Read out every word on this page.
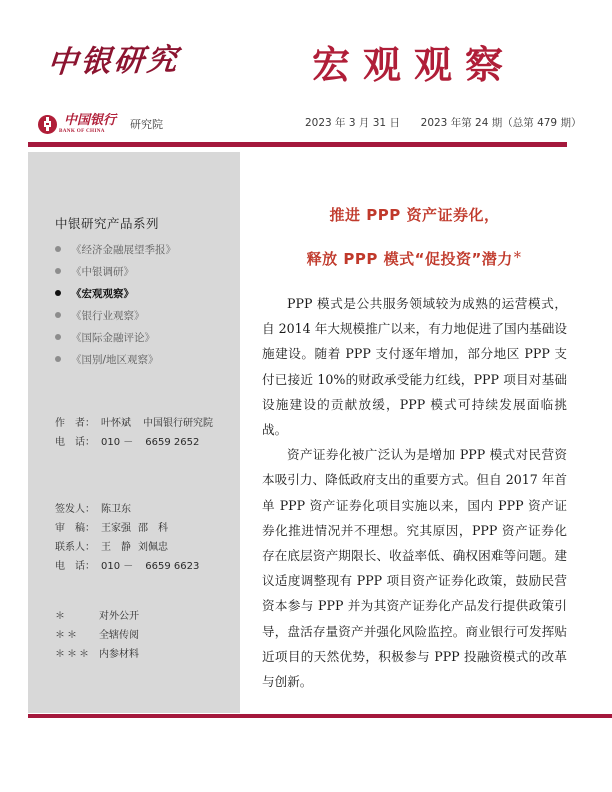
中银研究	宏观观察
中国银行
BANK OF CHINA 研究院	2023 年 3 月 31 日 2023 年第 24 期（总第 479 期）
中银研究产品系列
《经济金融展望季报》
《中银调研》
《宏观观察》
《银行业观察》
《国际金融评论》
《国别/地区观察》
作　者： 叶怀斌 中国银行研究院
电　话： 010 － 6659 2652
签发人： 陈卫东
审　稿： 王家强 邵　科
联系人： 王　静 刘佩忠
电　话： 010 － 6659 6623
＊	对外公开
＊＊ 全辖传阅
＊＊＊ 内参材料
推进 PPP 资产证券化，
释放 PPP 模式“促投资”潜力＊

PPP 模式是公共服务领域较为成熟的运营模式，自 2014 年大规模推广以来，有力地促进了国内基础设施建设。随着 PPP 支付逐年增加，部分地区 PPP 支付已接近 10%的财政承受能力红线，PPP 项目对基础设施建设的贡献放缓，PPP 模式可持续发展面临挑战。

资产证券化被广泛认为是增加 PPP 模式对民营资本吸引力、降低政府支出的重要方式。但自 2017 年首单 PPP 资产证券化项目实施以来，国内 PPP 资产证券化推进情况并不理想。究其原因，PPP 资产证券化存在底层资产期限长、收益率低、确权困难等问题。建议适度调整现有 PPP 项目资产证券化政策，鼓励民营资本参与 PPP 并为其资产证券化产品发行提供政策引导，盘活存量资产并强化风险监控。商业银行可发挥贴近项目的天然优势，积极参与 PPP 投融资模式的改革与创新。
